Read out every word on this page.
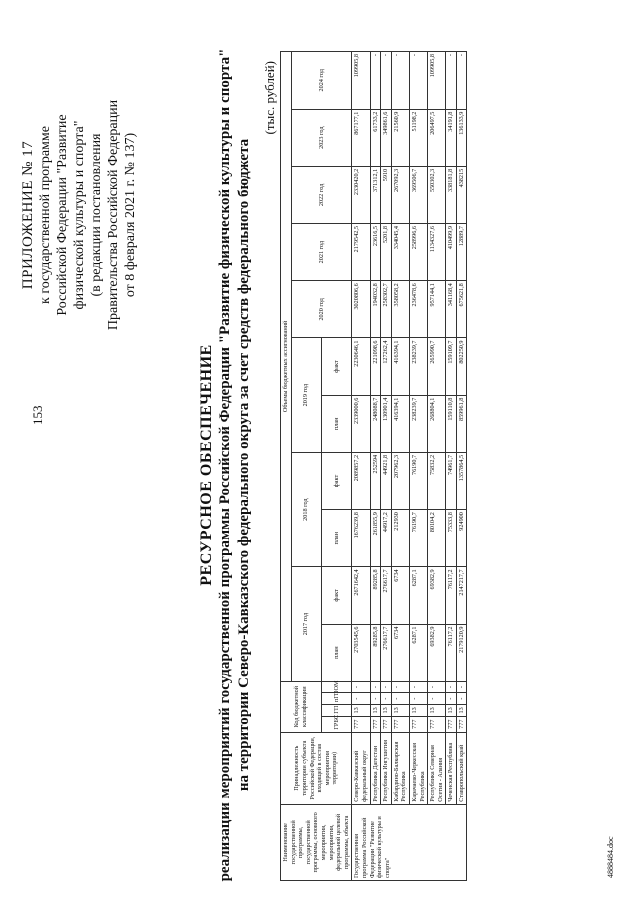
153
4888484.doc
ПРИЛОЖЕНИЕ № 17 к государственной программе Российской Федерации "Развитие физической культуры и спорта" (в редакции постановления Правительства Российской Федерации от 8 февраля 2021 г. № 137)
РЕСУРСНОЕ ОБЕСПЕЧЕНИЕ реализации мероприятий государственной программы Российской Федерации "Развитие физической культуры и спорта" на территории Северо-Кавказского федерального округа за счет средств федерального бюджета
(тыс. рублей)
Наименование государственной программы, государственной программы, основного мероприятия, мероприятия, федеральной целевой программы, объекта	Принадлежность территории субъекта Российской Федерации, входящей в состав мероприятия территории)	Код бюджетной классификации				Объемы бюджетных ассигнований										
						2017 год		2018 год		2019 год		2020 год	2021 год	2022 год	2023 год	2024 год
		ГРБС	ГП	пГП	ОМ	план	факт	план	факт	план	факт					

Государственная программа Российской Федерации "Развитие физической культуры и спорта"	Северо-Кавказский федеральный округ	777	13	-	-	2703545,6	2671642,4	1676239,8	2089857,2	2339000,6	2230646,1	3020806,6	2179542,5	2330420,2	867177,1	109905,8
	Республика Дагестан	777	13	-	-	89285,8	89285,8	261855,9	252594	248088,7	221098,6	194032,8	23616,5	371312,1	61733,2	-
	Республика Ингушетия	777	13	-	-	276617,7	276617,7	44917,2	44921,8	130901,4	127262,4	258302,7	5201,8	5910	349861,6	-
	Кабардино-Балкарская Республика	777	13	-	-	6734	6734	212930	207962,3	416394,1	416394,1	358058,2	334045,4	267092,3	21560,9	-
	Карачаево-Черкесская Республика	777	13	-	-	6287,1	6287,1	76190,7	76190,7	238239,7	238239,7	236478,6	258996,6	369506,7	51198,2	-
	Республика Северная Осетия - Алания	777	13	-	-	69382,9	69382,9	80104,2	75832,2	268804,1	265990,7	957144,1	1134327,6	550302,3	206497,5	109905,8
	Чеченская Республика	777	13	-	-	76117,2	76117,2	75333,8	74961,7	159110,8	159109,7	341168,4	410499,9	338181,8	34191,8	-
	Ставропольский край	777	13	-	-	2179120,9	2147217,7	924900	1357864,5	859961,8	802250,9	675621,8	12889,7	438215	136133,9	-
